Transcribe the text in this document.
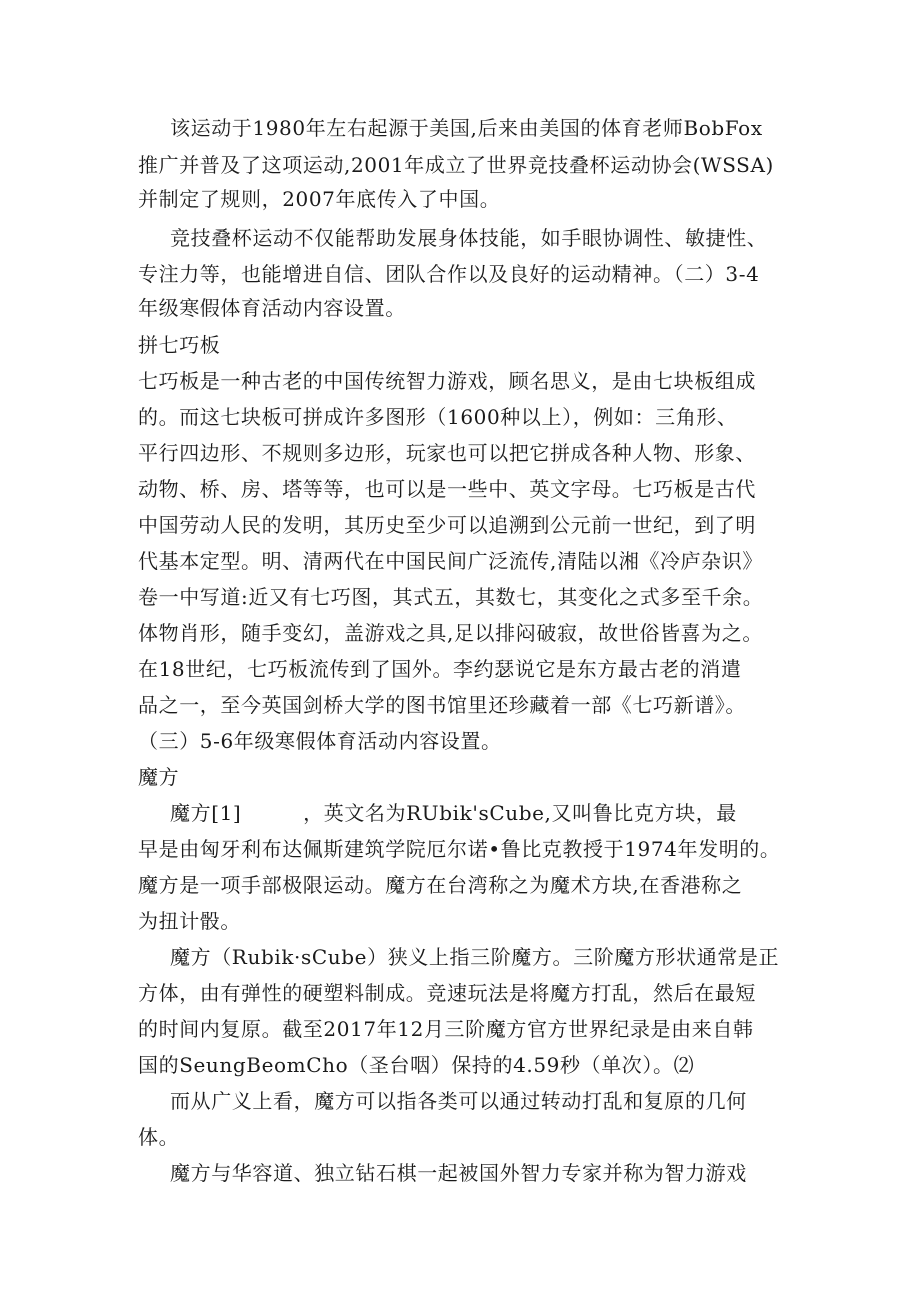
该运动于1980年左右起源于美国,后来由美国的体育老师BobFox
推广并普及了这项运动,2001年成立了世界竞技叠杯运动协会(WSSA)
并制定了规则，2007年底传入了中国。
竞技叠杯运动不仅能帮助发展身体技能，如手眼协调性、敏捷性、
专注力等，也能增进自信、团队合作以及良好的运动精神。（二）3-4
年级寒假体育活动内容设置。
拼七巧板
七巧板是一种古老的中国传统智力游戏，顾名思义，是由七块板组成
的。而这七块板可拼成许多图形（1600种以上），例如：三角形、
平行四边形、不规则多边形，玩家也可以把它拼成各种人物、形象、
动物、桥、房、塔等等，也可以是一些中、英文字母。七巧板是古代
中国劳动人民的发明，其历史至少可以追溯到公元前一世纪，到了明
代基本定型。明、清两代在中国民间广泛流传,清陆以湘《冷庐杂识》
卷一中写道:近又有七巧图，其式五，其数七，其变化之式多至千余。
体物肖形，随手变幻，盖游戏之具,足以排闷破寂，故世俗皆喜为之。
在18世纪，七巧板流传到了国外。李约瑟说它是东方最古老的消遣
品之一，至今英国剑桥大学的图书馆里还珍藏着一部《七巧新谱》。
（三）5-6年级寒假体育活动内容设置。
魔方
魔方[1]　　　，英文名为RUbik'sCube,又叫鲁比克方块，最
早是由匈牙利布达佩斯建筑学院厄尔诺•鲁比克教授于1974年发明的。
魔方是一项手部极限运动。魔方在台湾称之为魔术方块,在香港称之
为扭计骰。
魔方（Rubik·sCube）狭义上指三阶魔方。三阶魔方形状通常是正
方体，由有弹性的硬塑料制成。竞速玩法是将魔方打乱，然后在最短
的时间内复原。截至2017年12月三阶魔方官方世界纪录是由来自韩
国的SeungBeomCho（圣台咽）保持的4.59秒（单次）。⑵
而从广义上看，魔方可以指各类可以通过转动打乱和复原的几何
体。
魔方与华容道、独立钻石棋一起被国外智力专家并称为智力游戏
